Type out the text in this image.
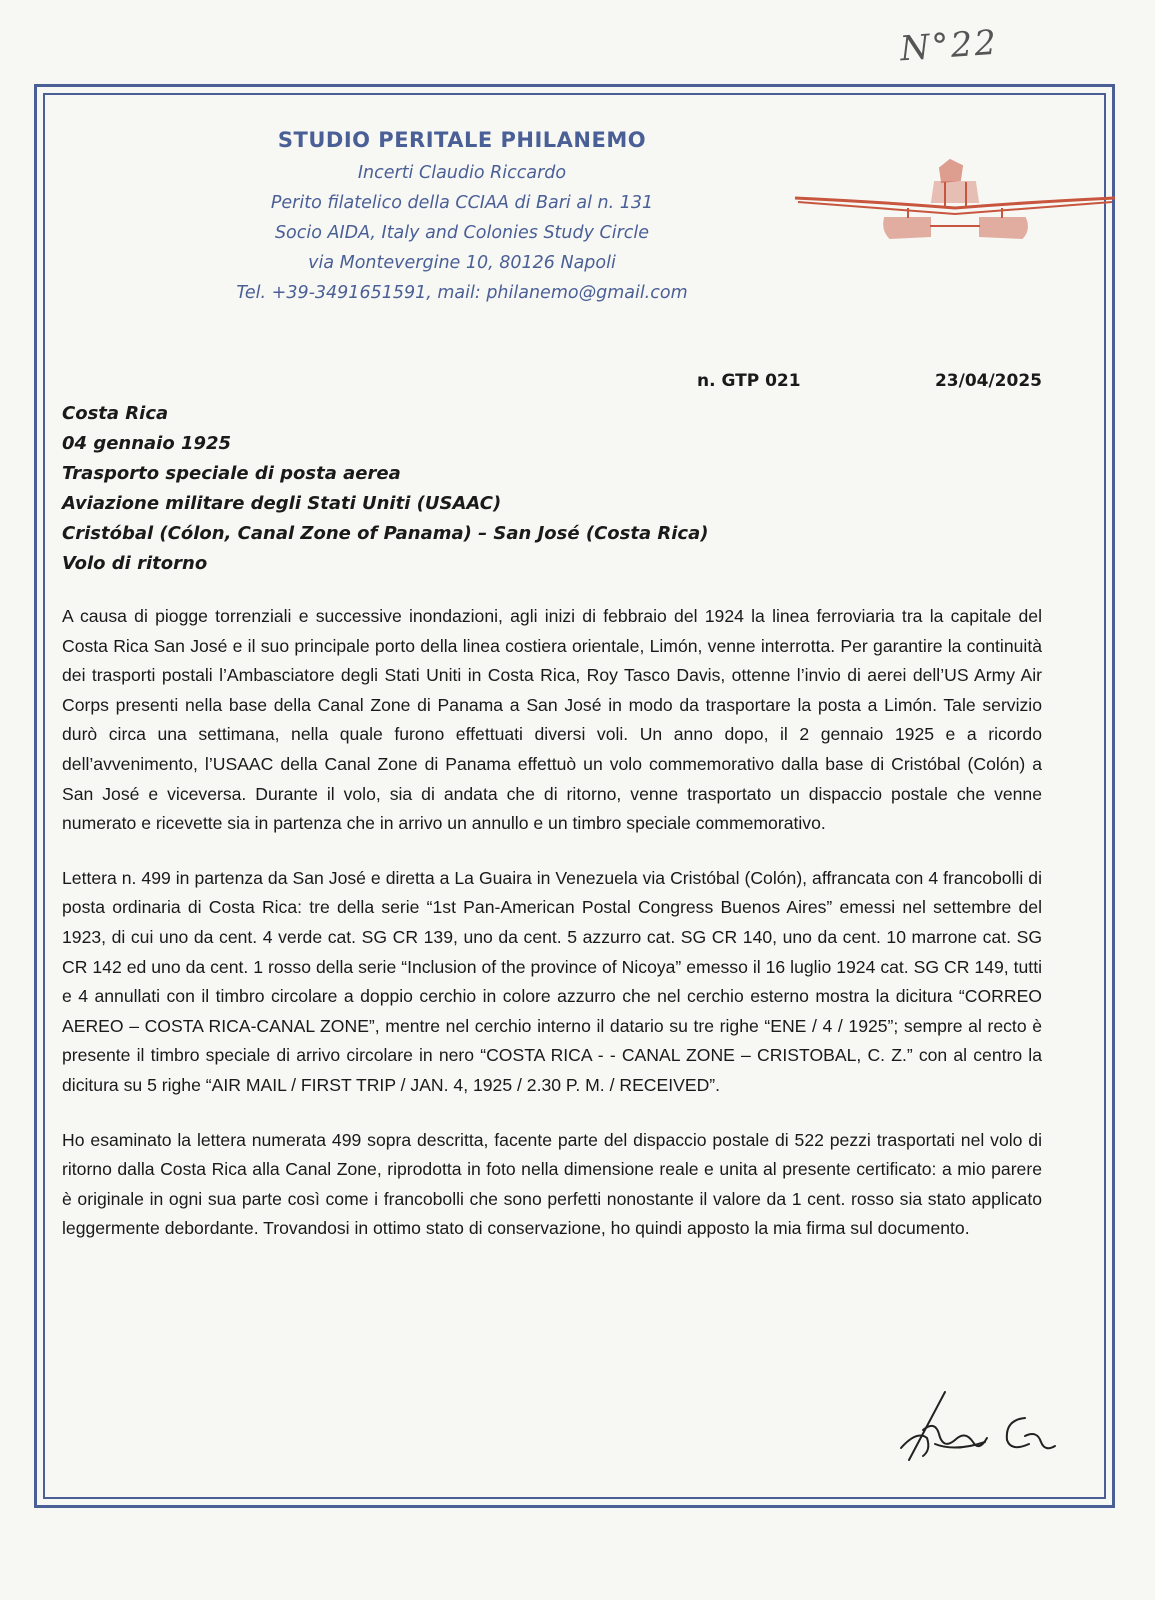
N°22
STUDIO PERITALE PHILANEMO
Incerti Claudio Riccardo
Perito filatelico della CCIAA di Bari al n. 131
Socio AIDA, Italy and Colonies Study Circle
via Montevergine 10, 80126 Napoli
Tel. +39-3491651591, mail: philanemo@gmail.com
n. GTP 021	23/04/2025
Costa Rica
04 gennaio 1925
Trasporto speciale di posta aerea
Aviazione militare degli Stati Uniti (USAAC)
Cristóbal (Cólon, Canal Zone of Panama) – San José (Costa Rica)
Volo di ritorno

A causa di piogge torrenziali e successive inondazioni, agli inizi di febbraio del 1924 la linea ferroviaria tra la capitale del Costa Rica San José e il suo principale porto della linea costiera orientale, Limón, venne interrotta. Per garantire la continuità dei trasporti postali l’Ambasciatore degli Stati Uniti in Costa Rica, Roy Tasco Davis, ottenne l’invio di aerei dell’US Army Air Corps presenti nella base della Canal Zone di Panama a San José in modo da trasportare la posta a Limón. Tale servizio durò circa una settimana, nella quale furono effettuati diversi voli. Un anno dopo, il 2 gennaio 1925 e a ricordo dell’avvenimento, l’USAAC della Canal Zone di Panama effettuò un volo commemorativo dalla base di Cristóbal (Colón) a San José e viceversa. Durante il volo, sia di andata che di ritorno, venne trasportato un dispaccio postale che venne numerato e ricevette sia in partenza che in arrivo un annullo e un timbro speciale commemorativo.

Lettera n. 499 in partenza da San José e diretta a La Guaira in Venezuela via Cristóbal (Colón), affrancata con 4 francobolli di posta ordinaria di Costa Rica: tre della serie “1st Pan-American Postal Congress Buenos Aires” emessi nel settembre del 1923, di cui uno da cent. 4 verde cat. SG CR 139, uno da cent. 5 azzurro cat. SG CR 140, uno da cent. 10 marrone cat. SG CR 142 ed uno da cent. 1 rosso della serie “Inclusion of the province of Nicoya” emesso il 16 luglio 1924 cat. SG CR 149, tutti e 4 annullati con il timbro circolare a doppio cerchio in colore azzurro che nel cerchio esterno mostra la dicitura “CORREO AEREO – COSTA RICA-CANAL ZONE”, mentre nel cerchio interno il datario su tre righe “ENE / 4 / 1925”; sempre al recto è presente il timbro speciale di arrivo circolare in nero “COSTA RICA - - CANAL ZONE – CRISTOBAL, C. Z.” con al centro la dicitura su 5 righe “AIR MAIL / FIRST TRIP / JAN. 4, 1925 / 2.30 P. M. / RECEIVED”.

Ho esaminato la lettera numerata 499 sopra descritta, facente parte del dispaccio postale di 522 pezzi trasportati nel volo di ritorno dalla Costa Rica alla Canal Zone, riprodotta in foto nella dimensione reale e unita al presente certificato: a mio parere è originale in ogni sua parte così come i francobolli che sono perfetti nonostante il valore da 1 cent. rosso sia stato applicato leggermente debordante. Trovandosi in ottimo stato di conservazione, ho quindi apposto la mia firma sul documento.
